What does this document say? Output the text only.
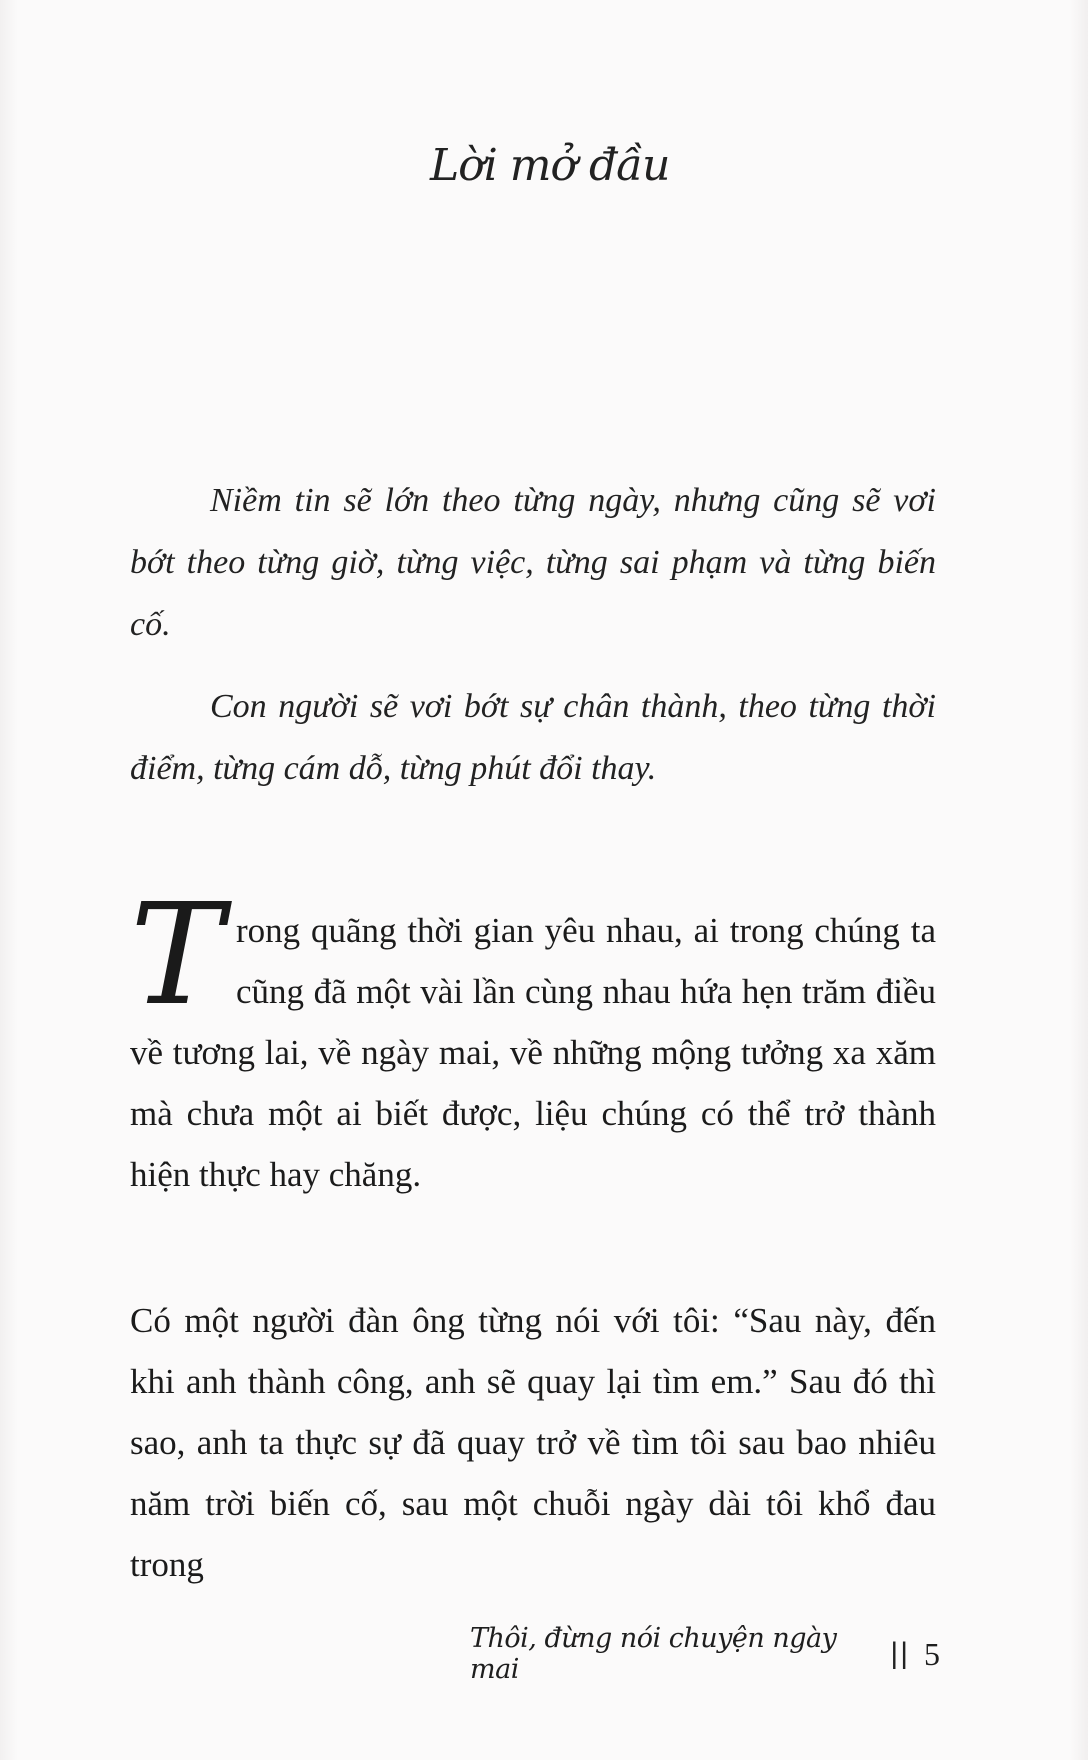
Lời mở đầu

Niềm tin sẽ lớn theo từng ngày, nhưng cũng sẽ vơi bớt theo từng giờ, từng việc, từng sai phạm và từng biến cố.

Con người sẽ vơi bớt sự chân thành, theo từng thời điểm, từng cám dỗ, từng phút đổi thay.

Trong quãng thời gian yêu nhau, ai trong chúng ta cũng đã một vài lần cùng nhau hứa hẹn trăm điều về tương lai, về ngày mai, về những mộng tưởng xa xăm mà chưa một ai biết được, liệu chúng có thể trở thành hiện thực hay chăng.

Có một người đàn ông từng nói với tôi: “Sau này, đến khi anh thành công, anh sẽ quay lại tìm em.” Sau đó thì sao, anh ta thực sự đã quay trở về tìm tôi sau bao nhiêu năm trời biến cố, sau một chuỗi ngày dài tôi khổ đau trong

Thôi, đừng nói chuyện ngày mai	|| 5
